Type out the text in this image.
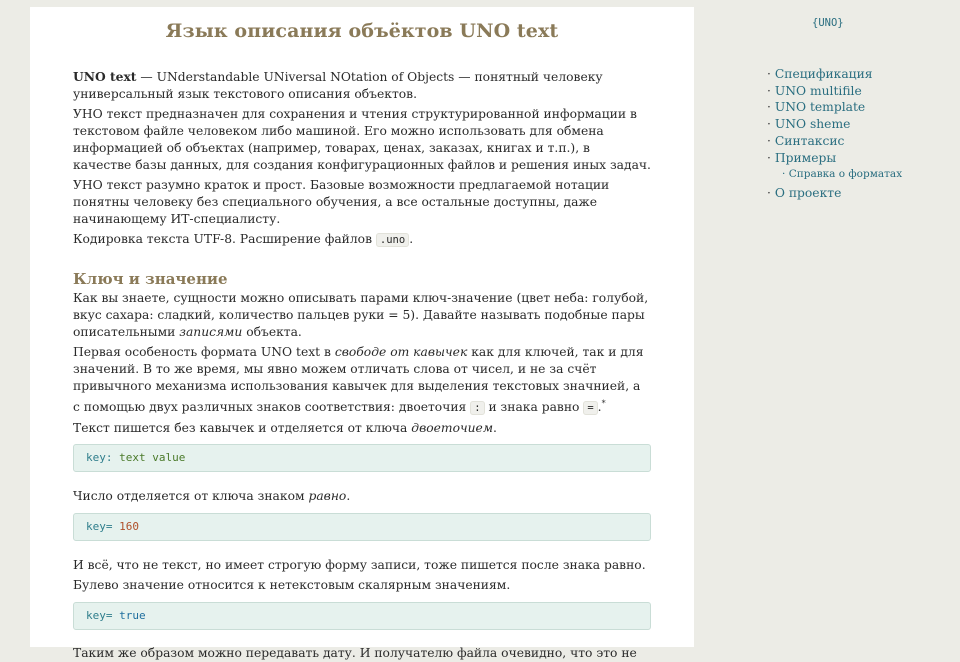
Язык описания объёктов UNO text

UNO text — UNderstandable UNiversal NOtation of Objects — понятный человеку универсальный язык текстового описания объектов.

УНО текст предназначен для сохранения и чтения структурированной информации в текстовом файле человеком либо машиной. Его можно использовать для обмена информацией об объектах (например, товарах, ценах, заказах, книгах и т.п.), в качестве базы данных, для создания конфигурационных файлов и решения иных задач.

УНО текст разумно краток и прост. Базовые возможности предлагаемой нотации понятны человеку без специального обучения, а все остальные доступны, даже начинающему ИТ-специалисту.

Кодировка текста UTF-8. Расширение файлов .uno .

Ключ и значение

Как вы знаете, сущности можно описывать парами ключ-значение (цвет неба: голубой, вкус сахара: сладкий, количество пальцев руки = 5). Давайте называть подобные пары описательными записями объекта.

Первая особеность формата UNO text в свободе от кавычек как для ключей, так и для значений. В то же время, мы явно можем отличать слова от чисел, и не за счёт привычного механизма использования кавычек для выделения текстовых значнией, а с помощью двух различных знаков соответствия: двоеточия : и знака равно = .*

Текст пишется без кавычек и отделяется от ключа двоеточием.

key: text value

Число отделяется от ключа знаком равно.

key= 160

И всё, что не текст, но имеет строгую форму записи, тоже пишется после знака равно.

Булево значение относится к нетекстовым скалярным значениям.

key= true

Таким же образом можно передавать дату. И получателю файла очевидно, что это не

{UNO}
· Спецификация
· UNO multifile
· UNO template
· UNO sheme
· Синтаксис
· Примеры
· Справка о форматах
· О проекте
